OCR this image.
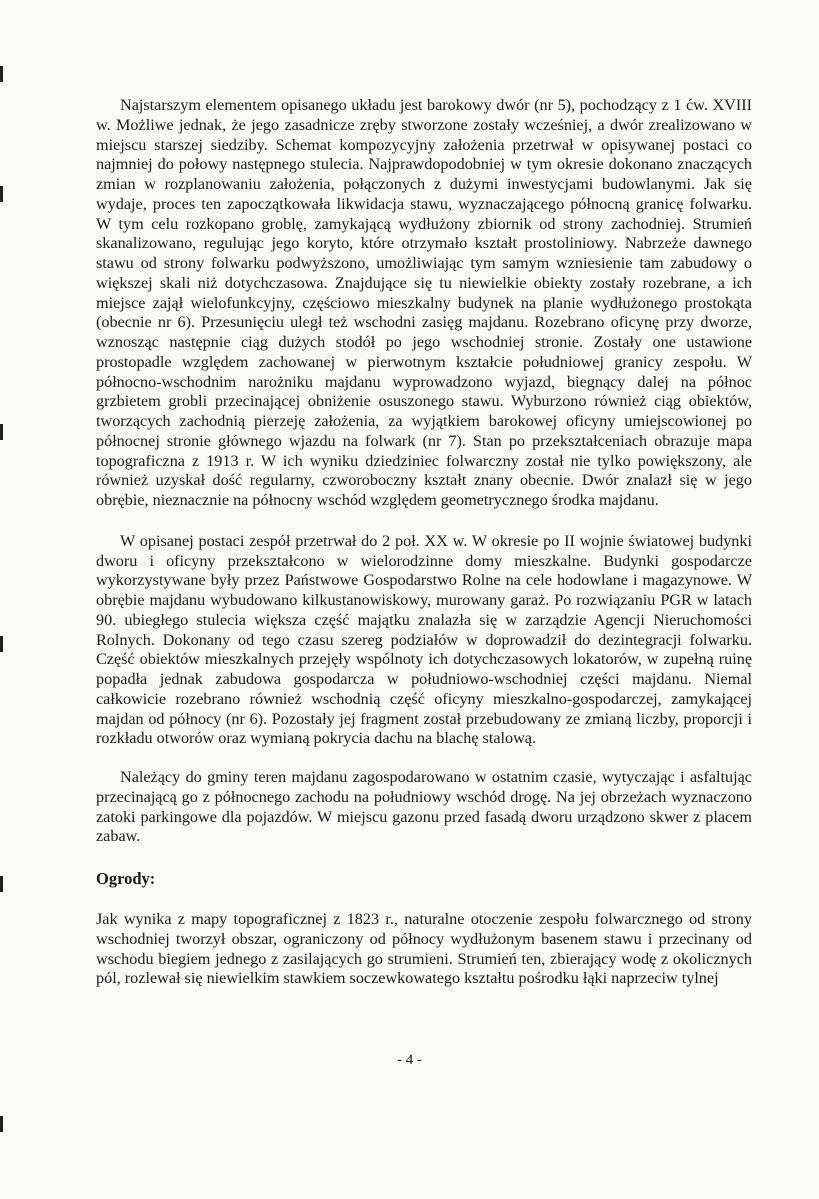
Najstarszym elementem opisanego układu jest barokowy dwór (nr 5), pochodzący z 1 ćw. XVIII w. Możliwe jednak, że jego zasadnicze zręby stworzone zostały wcześniej, a dwór zrealizowano w miejscu starszej siedziby. Schemat kompozycyjny założenia przetrwał w opisywanej postaci co najmniej do połowy następnego stulecia. Najprawdopodobniej w tym okresie dokonano znaczących zmian w rozplanowaniu założenia, połączonych z dużymi inwestycjami budowlanymi. Jak się wydaje, proces ten zapoczątkowała likwidacja stawu, wyznaczającego północną granicę folwarku. W tym celu rozkopano groblę, zamykającą wydłużony zbiornik od strony zachodniej. Strumień skanalizowano, regulując jego koryto, które otrzymało kształt prostoliniowy. Nabrzeże dawnego stawu od strony folwarku podwyższono, umożliwiając tym samym wzniesienie tam zabudowy o większej skali niż dotychczasowa. Znajdujące się tu niewielkie obiekty zostały rozebrane, a ich miejsce zajął wielofunkcyjny, częściowo mieszkalny budynek na planie wydłużonego prostokąta (obecnie nr 6). Przesunięciu uległ też wschodni zasięg majdanu. Rozebrano oficynę przy dworze, wznosząc następnie ciąg dużych stodół po jego wschodniej stronie. Zostały one ustawione prostopadle względem zachowanej w pierwotnym kształcie południowej granicy zespołu. W północno-wschodnim narożniku majdanu wyprowadzono wyjazd, biegnący dalej na północ grzbietem grobli przecinającej obniżenie osuszonego stawu. Wyburzono również ciąg obiektów, tworzących zachodnią pierzeję założenia, za wyjątkiem barokowej oficyny umiejscowionej po północnej stronie głównego wjazdu na folwark (nr 7). Stan po przekształceniach obrazuje mapa topograficzna z 1913 r. W ich wyniku dziedziniec folwarczny został nie tylko powiększony, ale również uzyskał dość regularny, czworoboczny kształt znany obecnie. Dwór znalazł się w jego obrębie, nieznacznie na północny wschód względem geometrycznego środka majdanu.

W opisanej postaci zespół przetrwał do 2 poł. XX w. W okresie po II wojnie światowej budynki dworu i oficyny przekształcono w wielorodzinne domy mieszkalne. Budynki gospodarcze wykorzystywane były przez Państwowe Gospodarstwo Rolne na cele hodowlane i magazynowe. W obrębie majdanu wybudowano kilkustanowiskowy, murowany garaż. Po rozwiązaniu PGR w latach 90. ubiegłego stulecia większa część majątku znalazła się w zarządzie Agencji Nieruchomości Rolnych. Dokonany od tego czasu szereg podziałów w doprowadził do dezintegracji folwarku. Część obiektów mieszkalnych przejęły wspólnoty ich dotychczasowych lokatorów, w zupełną ruinę popadła jednak zabudowa gospodarcza w południowo-wschodniej części majdanu. Niemal całkowicie rozebrano również wschodnią część oficyny mieszkalno-gospodarczej, zamykającej majdan od północy (nr 6). Pozostały jej fragment został przebudowany ze zmianą liczby, proporcji i rozkładu otworów oraz wymianą pokrycia dachu na blachę stalową.

Należący do gminy teren majdanu zagospodarowano w ostatnim czasie, wytyczając i asfaltując przecinającą go z północnego zachodu na południowy wschód drogę. Na jej obrzeżach wyznaczono zatoki parkingowe dla pojazdów. W miejscu gazonu przed fasadą dworu urządzono skwer z placem zabaw.

Ogrody:

Jak wynika z mapy topograficznej z 1823 r., naturalne otoczenie zespołu folwarcznego od strony wschodniej tworzył obszar, ograniczony od północy wydłużonym basenem stawu i przecinany od wschodu biegiem jednego z zasilających go strumieni. Strumień ten, zbierający wodę z okolicznych pól, rozlewał się niewielkim stawkiem soczewkowatego kształtu pośrodku łąki naprzeciw tylnej

- 4 -
